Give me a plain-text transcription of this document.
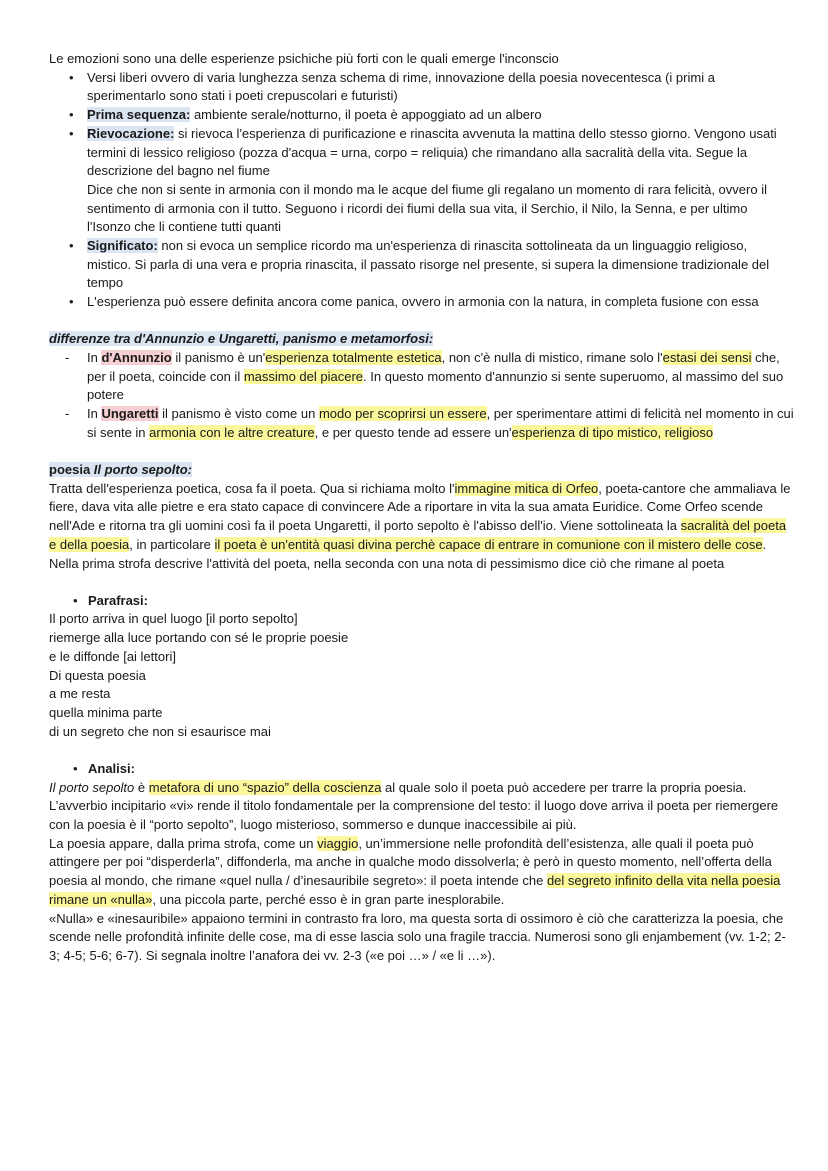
Le emozioni sono una delle esperienze psichiche più forti con le quali emerge l'inconscio

• Versi liberi ovvero di varia lunghezza senza schema di rime, innovazione della poesia novecentesca (i primi a sperimentarlo sono stati i poeti crepuscolari e futuristi)
• Prima sequenza: ambiente serale/notturno, il poeta è appoggiato ad un albero
• Rievocazione: si rievoca l'esperienza di purificazione e rinascita avvenuta la mattina dello stesso giorno. Vengono usati termini di lessico religioso (pozza d'acqua = urna, corpo = reliquia) che rimandano alla sacralità della vita. Segue la descrizione del bagno nel fiume
Dice che non si sente in armonia con il mondo ma le acque del fiume gli regalano un momento di rara felicità, ovvero il sentimento di armonia con il tutto. Seguono i ricordi dei fiumi della sua vita, il Serchio, il Nilo, la Senna, e per ultimo l'Isonzo che li contiene tutti quanti
• Significato: non si evoca un semplice ricordo ma un'esperienza di rinascita sottolineata da un linguaggio religioso, mistico. Si parla di una vera e propria rinascita, il passato risorge nel presente, si supera la dimensione tradizionale del tempo
• L'esperienza può essere definita ancora come panica, ovvero in armonia con la natura, in completa fusione con essa

differenze tra d'Annunzio e Ungaretti, panismo e metamorfosi:

- In d'Annunzio il panismo è un'esperienza totalmente estetica, non c'è nulla di mistico, rimane solo l'estasi dei sensi che, per il poeta, coincide con il massimo del piacere. In questo momento d'annunzio si sente superuomo, al massimo del suo potere
- In Ungaretti il panismo è visto come un modo per scoprirsi un essere, per sperimentare attimi di felicità nel momento in cui si sente in armonia con le altre creature, e per questo tende ad essere un'esperienza di tipo mistico, religioso

poesia Il porto sepolto:

Tratta dell'esperienza poetica, cosa fa il poeta. Qua si richiama molto l'immagine mitica di Orfeo, poeta-cantore che ammaliava le fiere, dava vita alle pietre e era stato capace di convincere Ade a riportare in vita la sua amata Euridice. Come Orfeo scende nell'Ade e ritorna tra gli uomini così fa il poeta Ungaretti, il porto sepolto è l'abisso dell'io. Viene sottolineata la sacralità del poeta e della poesia, in particolare il poeta è un'entità quasi divina perchè capace di entrare in comunione con il mistero delle cose. Nella prima strofa descrive l'attività del poeta, nella seconda con una nota di pessimismo dice ciò che rimane al poeta

• Parafrasi:

Il porto arriva in quel luogo [il porto sepolto]

riemerge alla luce portando con sé le proprie poesie

e le diffonde [ai lettori]

Di questa poesia

a me resta

quella minima parte

di un segreto che non si esaurisce mai

• Analisi:

Il porto sepolto è metafora di uno “spazio” della coscienza al quale solo il poeta può accedere per trarre la propria poesia. L’avverbio incipitario «vi» rende il titolo fondamentale per la comprensione del testo: il luogo dove arriva il poeta per riemergere con la poesia è il “porto sepolto”, luogo misterioso, sommerso e dunque inaccessibile ai più.
La poesia appare, dalla prima strofa, come un viaggio, un’immersione nelle profondità dell’esistenza, alle quali il poeta può attingere per poi “disperderla”, diffonderla, ma anche in qualche modo dissolverla; è però in questo momento, nell’offerta della poesia al mondo, che rimane «quel nulla / d’inesauribile segreto»: il poeta intende che del segreto infinito della vita nella poesia rimane un «nulla», una piccola parte, perché esso è in gran parte inesplorabile.
«Nulla» e «inesauribile» appaiono termini in contrasto fra loro, ma questa sorta di ossimoro è ciò che caratterizza la poesia, che scende nelle profondità infinite delle cose, ma di esse lascia solo una fragile traccia. Numerosi sono gli enjambement (vv. 1-2; 2-3; 4-5; 5-6; 6-7). Si segnala inoltre l’anafora dei vv. 2-3 («e poi …» / «e li …»).
